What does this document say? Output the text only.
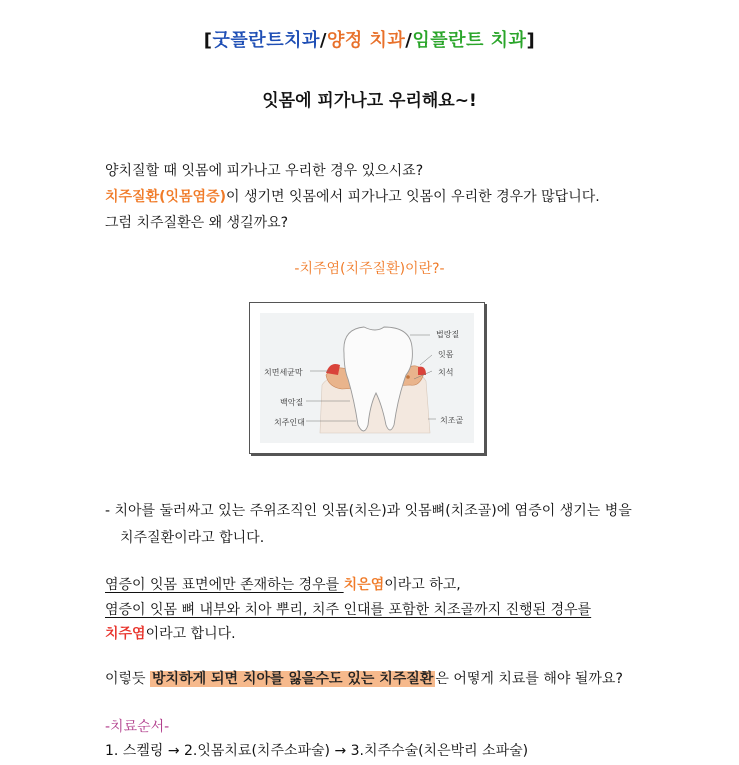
[굿플란트치과/양정 치과/임플란트 치과]
잇몸에 피가나고 우리해요~!
양치질할 때 잇몸에 피가나고 우리한 경우 있으시죠?
치주질환(잇몸염증)이 생기면 잇몸에서 피가나고 잇몸이 우리한 경우가 많답니다.
그럼 치주질환은 왜 생길까요?
-치주염(치주질환)이란?-
법랑질
잇몸
치석
치면세균막
백악질
치주인대	치조골
- 치아를 둘러싸고 있는 주위조직인 잇몸(치은)과 잇몸뼈(치조골)에 염증이 생기는 병을
치주질환이라고 합니다.
염증이 잇몸 표면에만 존재하는 경우를 치은염이라고 하고,
염증이 잇몸 뼈 내부와 치아 뿌리, 치주 인대를 포함한 치조골까지 진행된 경우를
치주염이라고 합니다.
이렇듯 방치하게 되면 치아를 잃을수도 있는 치주질환 은 어떻게 치료를 해야 될까요?
-치료순서-
1. 스켈링 → 2.잇몸치료(치주소파술) → 3.치주수술(치은박리 소파술)
